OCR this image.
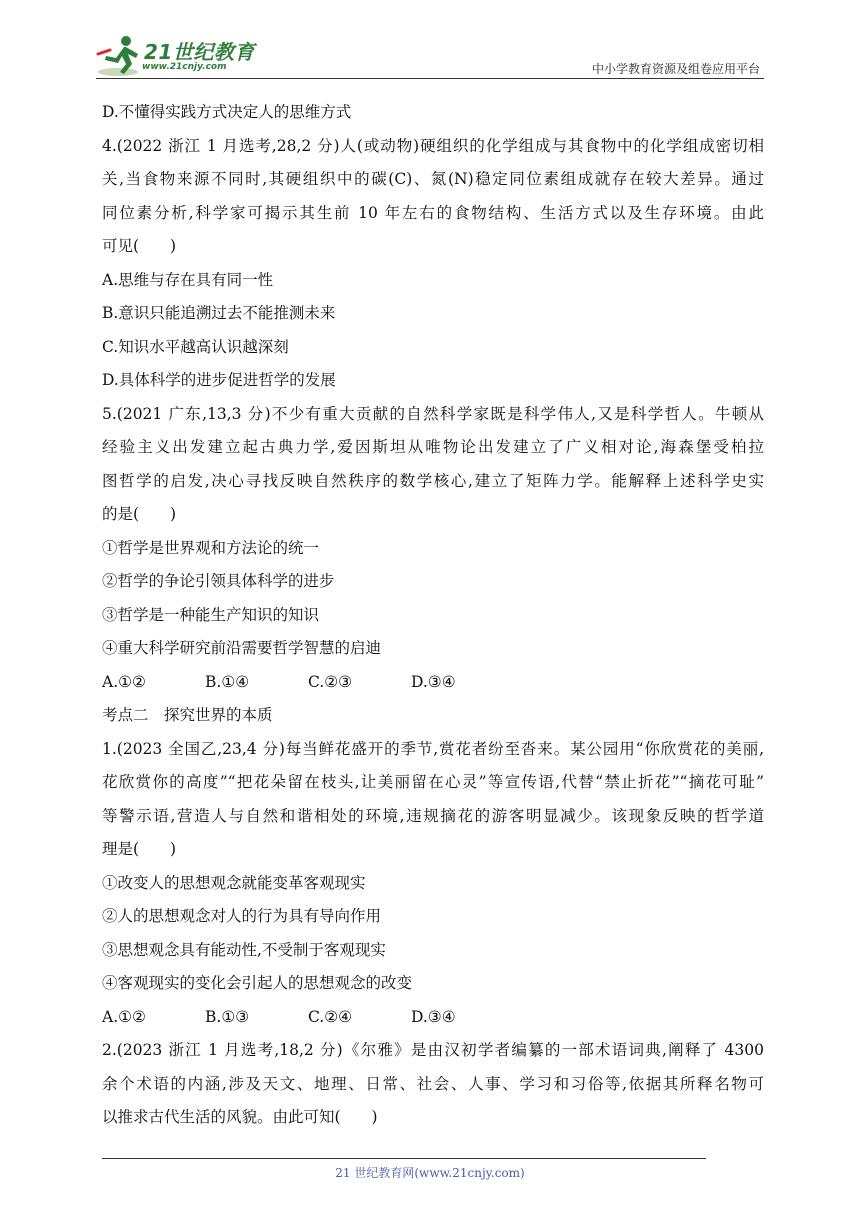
21世纪教育
www.21cnjy.com	中小学教育资源及组卷应用平台
D.不懂得实践方式决定人的思维方式
4.(2022 浙江 1 月选考,28,2 分)人(或动物)硬组织的化学组成与其食物中的化学组成密切相
关,当食物来源不同时,其硬组织中的碳(C)、氮(N)稳定同位素组成就存在较大差异。通过
同位素分析,科学家可揭示其生前 10 年左右的食物结构、生活方式以及生存环境。由此
可见(　　)
A.思维与存在具有同一性
B.意识只能追溯过去不能推测未来
C.知识水平越高认识越深刻
D.具体科学的进步促进哲学的发展
5.(2021 广东,13,3 分)不少有重大贡献的自然科学家既是科学伟人,又是科学哲人。牛顿从
经验主义出发建立起古典力学,爱因斯坦从唯物论出发建立了广义相对论,海森堡受柏拉
图哲学的启发,决心寻找反映自然秩序的数学核心,建立了矩阵力学。能解释上述科学史实
的是(　　)
①哲学是世界观和方法论的统一
②哲学的争论引领具体科学的进步
③哲学是一种能生产知识的知识
④重大科学研究前沿需要哲学智慧的启迪
A.①②	B.①④	C.②③	D.③④
考点二　探究世界的本质
1.(2023 全国乙,23,4 分)每当鲜花盛开的季节,赏花者纷至沓来。某公园用“你欣赏花的美丽,
花欣赏你的高度”“把花朵留在枝头,让美丽留在心灵”等宣传语,代替“禁止折花”“摘花可耻”
等警示语,营造人与自然和谐相处的环境,违规摘花的游客明显减少。该现象反映的哲学道
理是(　　)
①改变人的思想观念就能变革客观现实
②人的思想观念对人的行为具有导向作用
③思想观念具有能动性,不受制于客观现实
④客观现实的变化会引起人的思想观念的改变
A.①②	B.①③	C.②④	D.③④
2.(2023 浙江 1 月选考,18,2 分)《尔雅》是由汉初学者编纂的一部术语词典,阐释了 4300
余个术语的内涵,涉及天文、地理、日常、社会、人事、学习和习俗等,依据其所释名物可
以推求古代生活的风貌。由此可知(　　)
21 世纪教育网(www.21cnjy.com)
